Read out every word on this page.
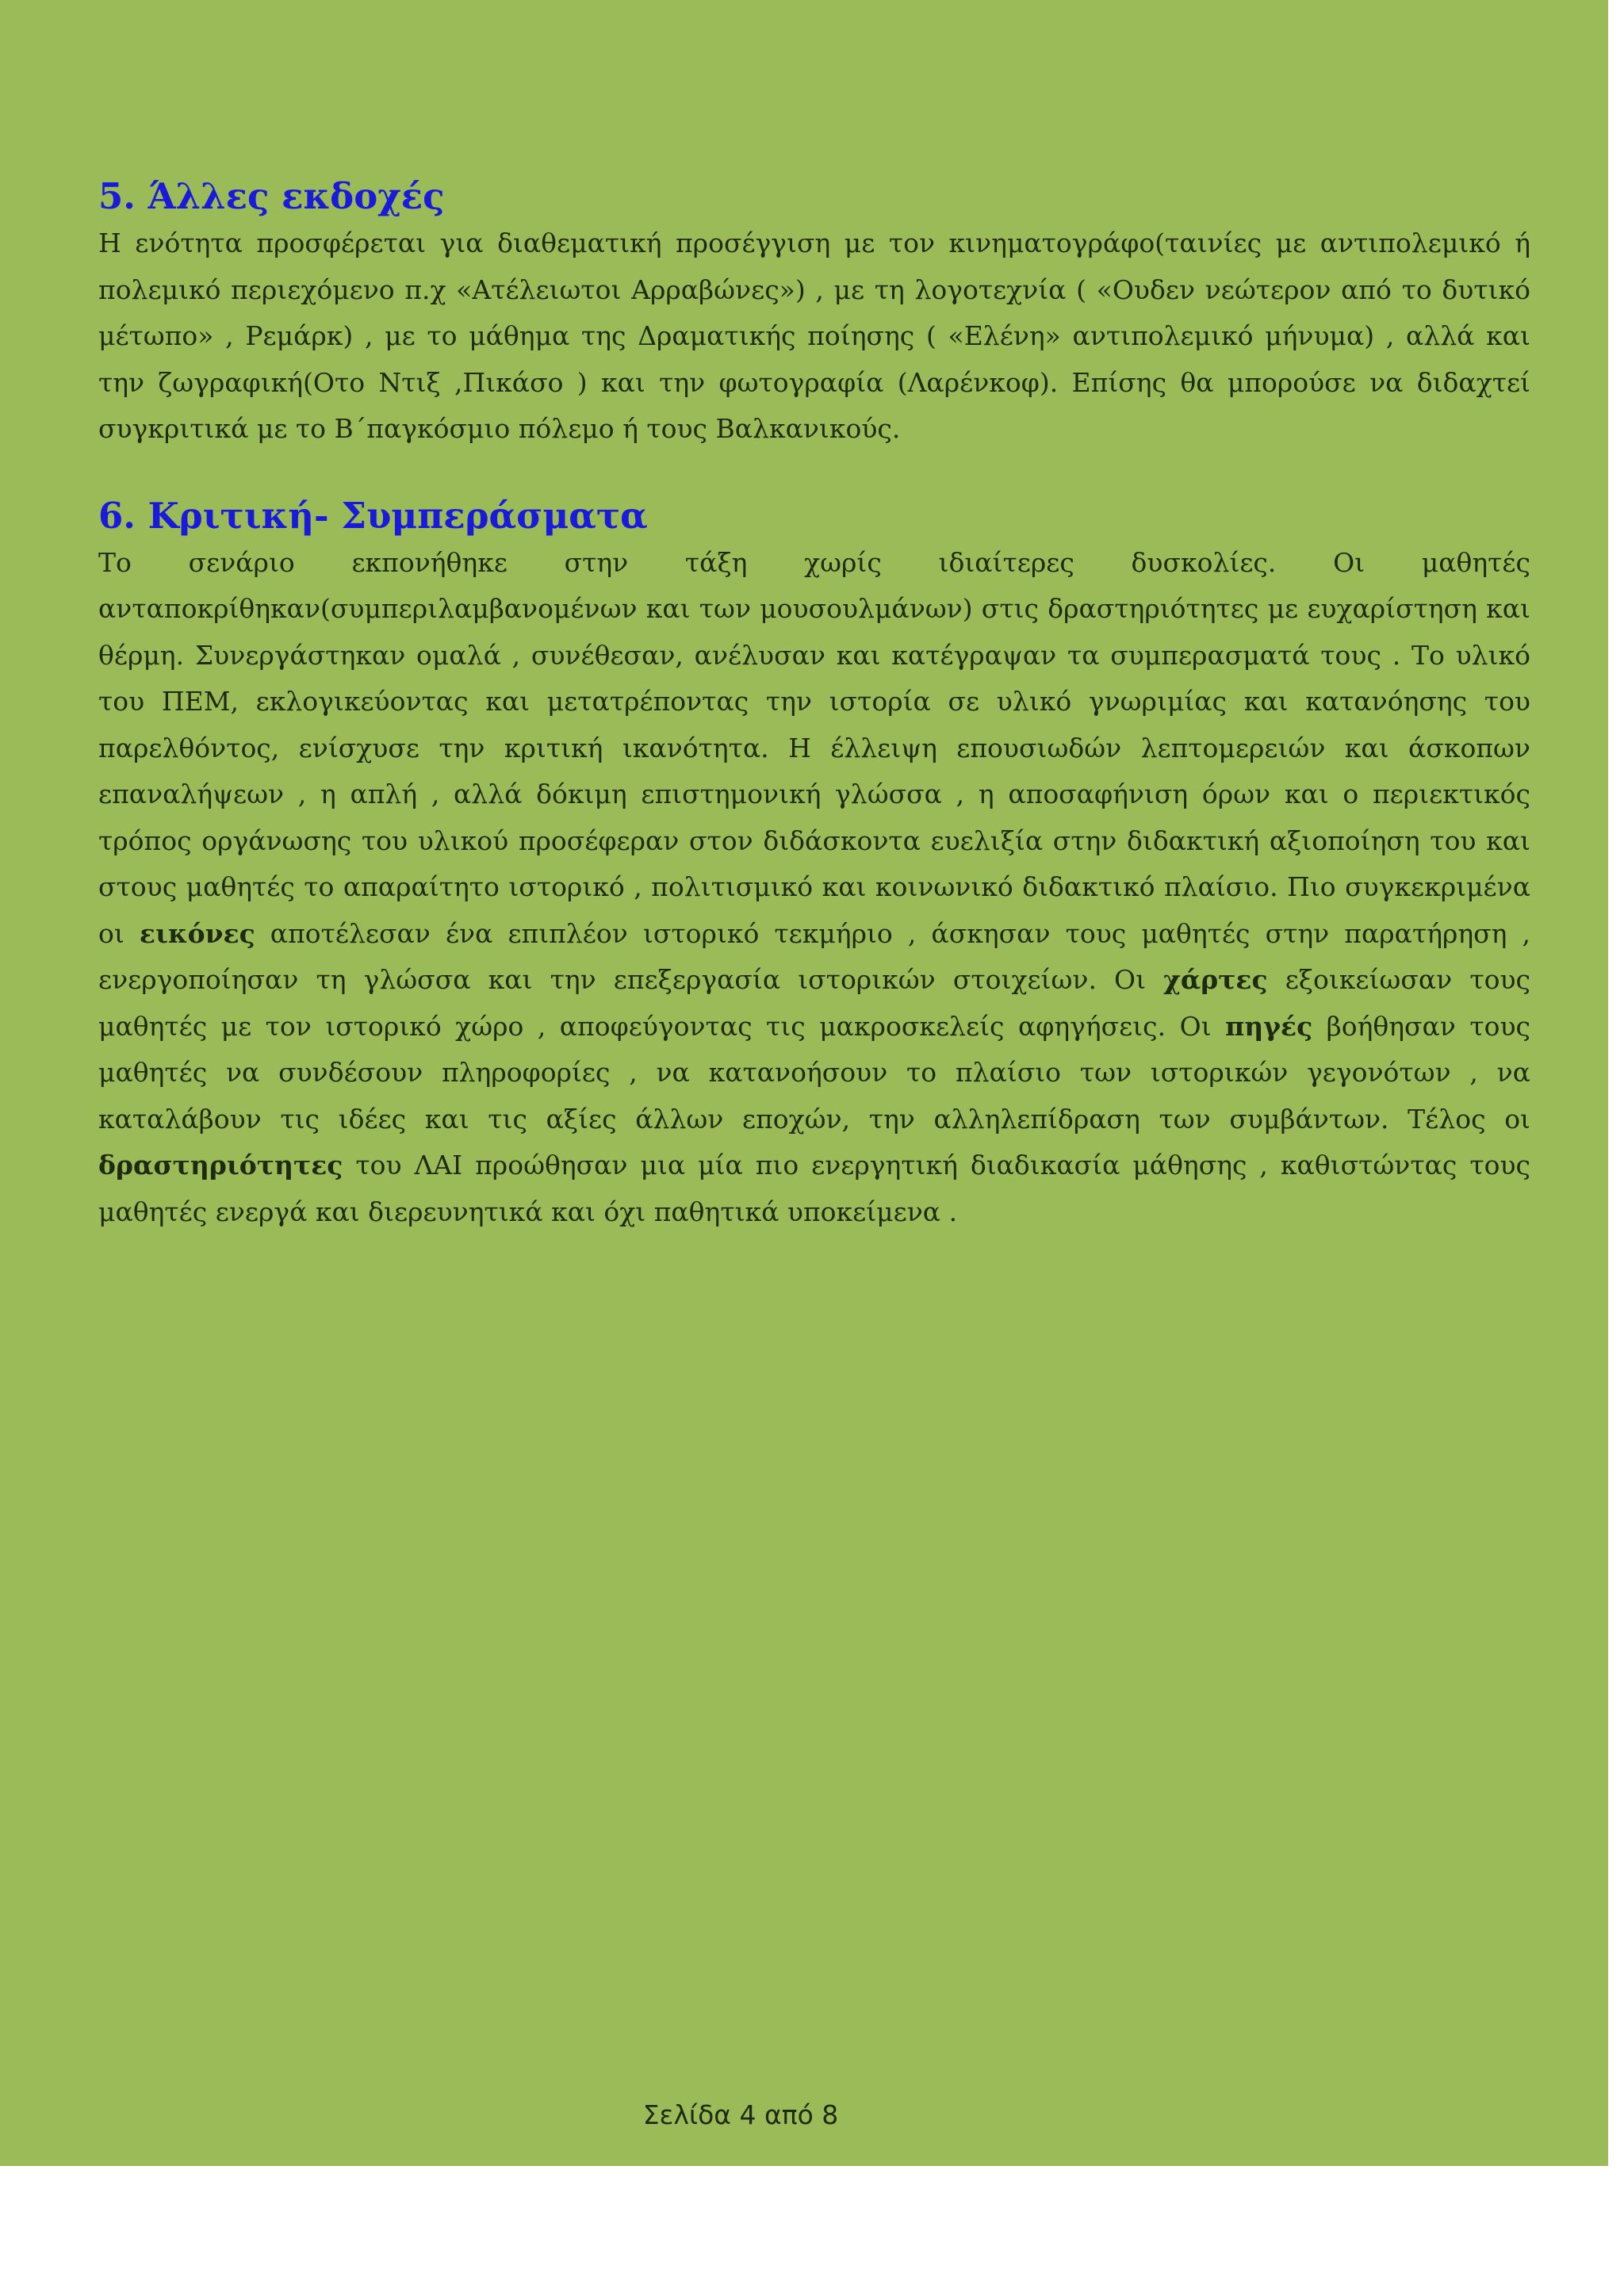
5. Άλλες εκδοχές

Η ενότητα προσφέρεται για διαθεματική προσέγγιση με τον κινηματογράφο(ταινίες με αντιπολεμικό ή πολεμικό περιεχόμενο π.χ «Ατέλειωτοι Αρραβώνες») , με τη λογοτεχνία ( «Ουδεν νεώτερον από το δυτικό μέτωπο» , Ρεμάρκ) , με το μάθημα της Δραματικής ποίησης ( «Ελένη» αντιπολεμικό μήνυμα) , αλλά και την ζωγραφική(Οτο Ντιξ ,Πικάσο ) και την φωτογραφία (Λαρένκοφ). Επίσης θα μπορούσε να διδαχτεί συγκριτικά με το Β΄παγκόσμιο πόλεμο ή τους Βαλκανικούς.

6. Κριτική- Συμπεράσματα

Το σενάριο εκπονήθηκε στην τάξη χωρίς ιδιαίτερες δυσκολίες. Οι μαθητές ανταποκρίθηκαν(συμπεριλαμβανομένων και των μουσουλμάνων) στις δραστηριότητες με ευχαρίστηση και θέρμη. Συνεργάστηκαν ομαλά , συνέθεσαν, ανέλυσαν και κατέγραψαν τα συμπερασματά τους . Το υλικό του ΠΕΜ, εκλογικεύοντας και μετατρέποντας την ιστορία σε υλικό γνωριμίας και κατανόησης του παρελθόντος, ενίσχυσε την κριτική ικανότητα. Η έλλειψη επουσιωδών λεπτομερειών και άσκοπων επαναλήψεων , η απλή , αλλά δόκιμη επιστημονική γλώσσα , η αποσαφήνιση όρων και ο περιεκτικός τρόπος οργάνωσης του υλικού προσέφεραν στον διδάσκοντα ευελιξία στην διδακτική αξιοποίηση του και στους μαθητές το απαραίτητο ιστορικό , πολιτισμικό και κοινωνικό διδακτικό πλαίσιο. Πιο συγκεκριμένα οι εικόνες αποτέλεσαν ένα επιπλέον ιστορικό τεκμήριο , άσκησαν τους μαθητές στην παρατήρηση , ενεργοποίησαν τη γλώσσα και την επεξεργασία ιστορικών στοιχείων. Οι χάρτες εξοικείωσαν τους μαθητές με τον ιστορικό χώρο , αποφεύγοντας τις μακροσκελείς αφηγήσεις. Οι πηγές βοήθησαν τους μαθητές να συνδέσουν πληροφορίες , να κατανοήσουν το πλαίσιο των ιστορικών γεγονότων , να καταλάβουν τις ιδέες και τις αξίες άλλων εποχών, την αλληλεπίδραση των συμβάντων. Τέλος οι δραστηριότητες του ΛΑΙ προώθησαν μια μία πιο ενεργητική διαδικασία μάθησης , καθιστώντας τους μαθητές ενεργά και διερευνητικά και όχι παθητικά υποκείμενα .

Σελίδα 4 από 8
